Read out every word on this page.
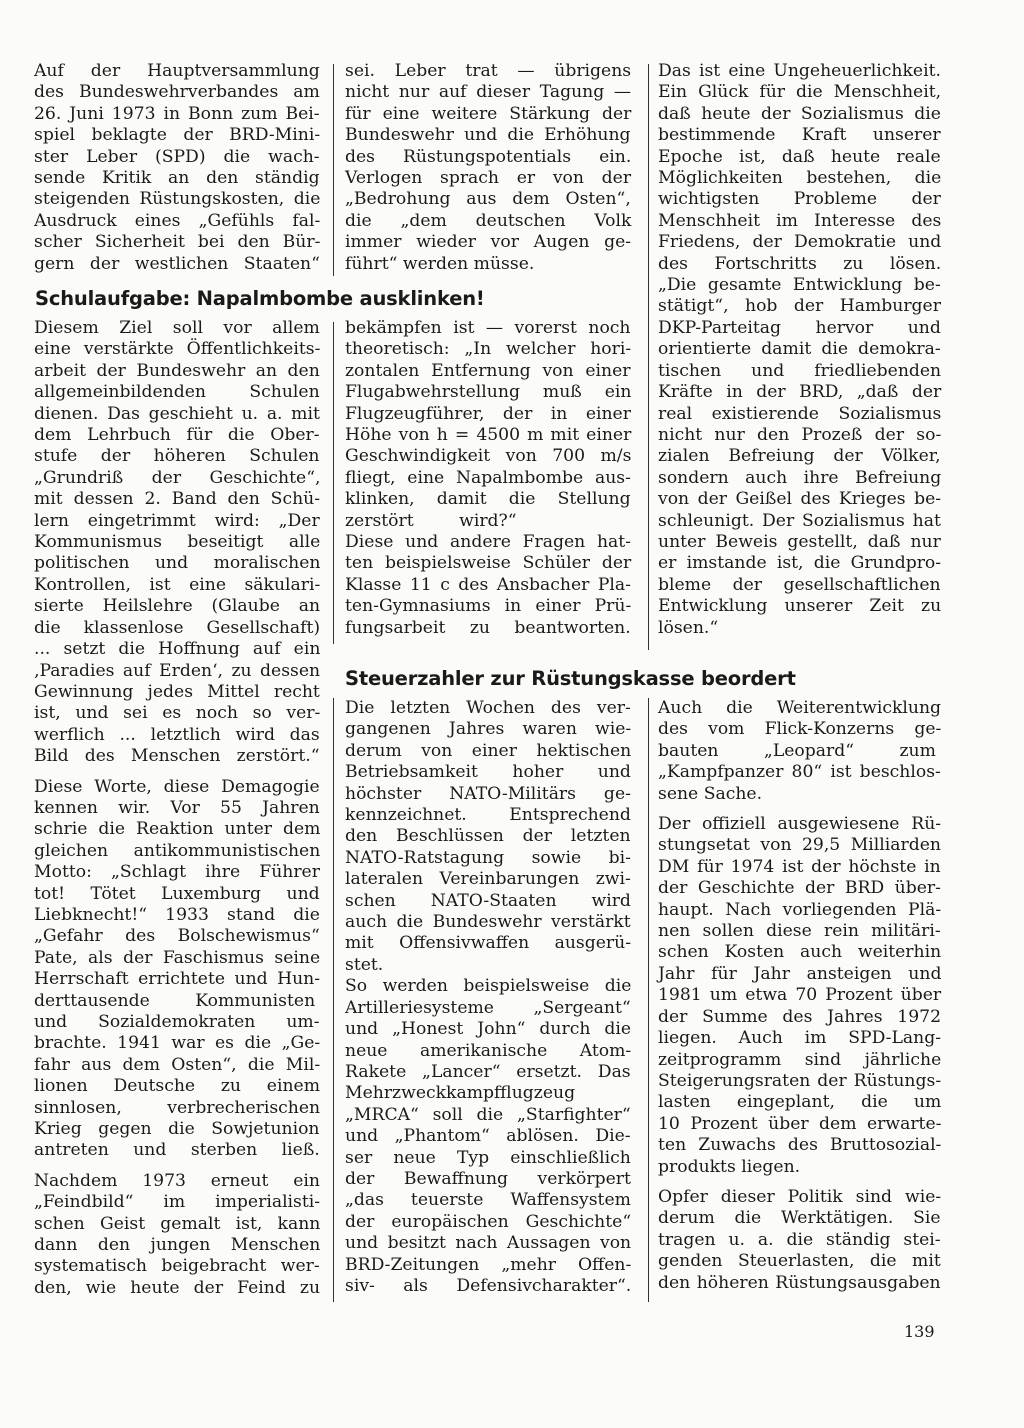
Auf der Hauptversammlung
des Bundeswehrverbandes am
26. Juni 1973 in Bonn zum Bei-
spiel beklagte der BRD-Mini-
ster Leber (SPD) die wach-
sende Kritik an den ständig
steigenden Rüstungskosten, die
Ausdruck eines „Gefühls fal-
scher Sicherheit bei den Bür-
gern der westlichen Staaten“
sei. Leber trat — übrigens
nicht nur auf dieser Tagung —
für eine weitere Stärkung der
Bundeswehr und die Erhöhung
des Rüstungspotentials ein.
Verlogen sprach er von der
„Bedrohung aus dem Osten“,
die „dem deutschen Volk
immer wieder vor Augen ge-
führt“ werden müsse.
Das ist eine Ungeheuerlichkeit.
Ein Glück für die Menschheit,
daß heute der Sozialismus die
bestimmende Kraft unserer
Epoche ist, daß heute reale
Möglichkeiten bestehen, die
wichtigsten Probleme der
Menschheit im Interesse des
Friedens, der Demokratie und
des Fortschritts zu lösen.
„Die gesamte Entwicklung be-
stätigt“, hob der Hamburger
DKP-Parteitag hervor und
orientierte damit die demokra-
tischen und friedliebenden
Kräfte in der BRD, „daß der
real existierende Sozialismus
nicht nur den Prozeß der so-
zialen Befreiung der Völker,
sondern auch ihre Befreiung
von der Geißel des Krieges be-
schleunigt. Der Sozialismus hat
unter Beweis gestellt, daß nur
er imstande ist, die Grundpro-
bleme der gesellschaftlichen
Entwicklung unserer Zeit zu
lösen.“
Schulaufgabe: Napalmbombe ausklinken!
Diesem Ziel soll vor allem
eine verstärkte Öffentlichkeits-
arbeit der Bundeswehr an den
allgemeinbildenden Schulen
dienen. Das geschieht u. a. mit
dem Lehrbuch für die Ober-
stufe der höheren Schulen
„Grundriß der Geschichte“,
mit dessen 2. Band den Schü-
lern eingetrimmt wird: „Der
Kommunismus beseitigt alle
politischen und moralischen
Kontrollen, ist eine säkulari-
sierte Heilslehre (Glaube an
die klassenlose Gesellschaft)
... setzt die Hoffnung auf ein
‚Paradies auf Erden‘, zu dessen
Gewinnung jedes Mittel recht
ist, und sei es noch so ver-
werflich ... letztlich wird das
Bild des Menschen zerstört.“
Diese Worte, diese Demagogie
kennen wir. Vor 55 Jahren
schrie die Reaktion unter dem
gleichen antikommunistischen
Motto: „Schlagt ihre Führer
tot! Tötet Luxemburg und
Liebknecht!“ 1933 stand die
„Gefahr des Bolschewismus“
Pate, als der Faschismus seine
Herrschaft errichtete und Hun-
derttausende Kommunisten
und Sozialdemokraten um-
brachte. 1941 war es die „Ge-
fahr aus dem Osten“, die Mil-
lionen Deutsche zu einem
sinnlosen, verbrecherischen
Krieg gegen die Sowjetunion
antreten und sterben ließ.
Nachdem 1973 erneut ein
„Feindbild“ im imperialisti-
schen Geist gemalt ist, kann
dann den jungen Menschen
systematisch beigebracht wer-
den, wie heute der Feind zu
bekämpfen ist — vorerst noch
theoretisch: „In welcher hori-
zontalen Entfernung von einer
Flugabwehrstellung muß ein
Flugzeugführer, der in einer
Höhe von h = 4500 m mit einer
Geschwindigkeit von 700 m/s
fliegt, eine Napalmbombe aus-
klinken, damit die Stellung
zerstört wird?“
Diese und andere Fragen hat-
ten beispielsweise Schüler der
Klasse 11 c des Ansbacher Pla-
ten-Gymnasiums in einer Prü-
fungsarbeit zu beantworten.
Steuerzahler zur Rüstungskasse beordert
Die letzten Wochen des ver-
gangenen Jahres waren wie-
derum von einer hektischen
Betriebsamkeit hoher und
höchster NATO-Militärs ge-
kennzeichnet. Entsprechend
den Beschlüssen der letzten
NATO-Ratstagung sowie bi-
lateralen Vereinbarungen zwi-
schen NATO-Staaten wird
auch die Bundeswehr verstärkt
mit Offensivwaffen ausgerü-
stet.
So werden beispielsweise die
Artilleriesysteme „Sergeant“
und „Honest John“ durch die
neue amerikanische Atom-
Rakete „Lancer“ ersetzt. Das
Mehrzweckkampfflugzeug
„MRCA“ soll die „Starfighter“
und „Phantom“ ablösen. Die-
ser neue Typ einschließlich
der Bewaffnung verkörpert
„das teuerste Waffensystem
der europäischen Geschichte“
und besitzt nach Aussagen von
BRD-Zeitungen „mehr Offen-
siv- als Defensivcharakter“.
Auch die Weiterentwicklung
des vom Flick-Konzerns ge-
bauten „Leopard“ zum
„Kampfpanzer 80“ ist beschlos-
sene Sache.
Der offiziell ausgewiesene Rü-
stungsetat von 29,5 Milliarden
DM für 1974 ist der höchste in
der Geschichte der BRD über-
haupt. Nach vorliegenden Plä-
nen sollen diese rein militäri-
schen Kosten auch weiterhin
Jahr für Jahr ansteigen und
1981 um etwa 70 Prozent über
der Summe des Jahres 1972
liegen. Auch im SPD-Lang-
zeitprogramm sind jährliche
Steigerungsraten der Rüstungs-
lasten eingeplant, die um
10 Prozent über dem erwarte-
ten Zuwachs des Bruttosozial-
produkts liegen.
Opfer dieser Politik sind wie-
derum die Werktätigen. Sie
tragen u. a. die ständig stei-
genden Steuerlasten, die mit
den höheren Rüstungsausgaben
139
